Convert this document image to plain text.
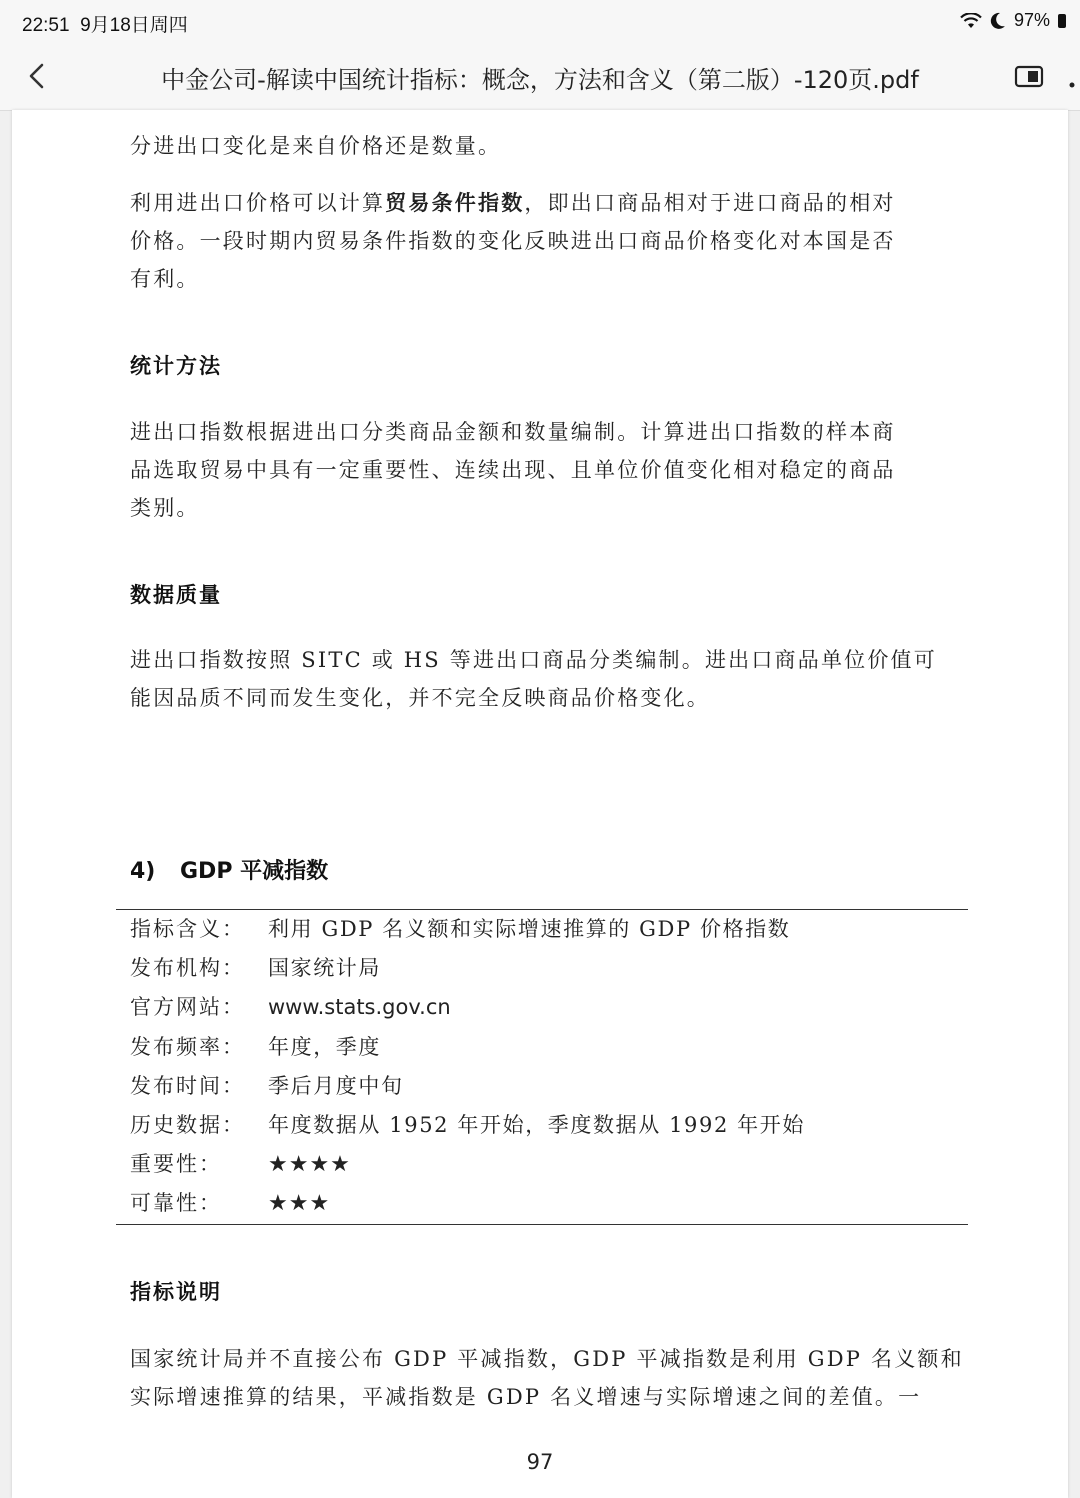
22:51 9月18日周四	97%
中金公司-解读中国统计指标：概念，方法和含义（第二版）-120页.pdf
分进出口变化是来自价格还是数量。
利用进出口价格可以计算贸易条件指数，即出口商品相对于进口商品的相对
价格。一段时期内贸易条件指数的变化反映进出口商品价格变化对本国是否
有利。
统计方法
进出口指数根据进出口分类商品金额和数量编制。计算进出口指数的样本商
品选取贸易中具有一定重要性、连续出现、且单位价值变化相对稳定的商品
类别。
数据质量
进出口指数按照 SITC 或 HS 等进出口商品分类编制。进出口商品单位价值可
能因品质不同而发生变化，并不完全反映商品价格变化。
4) GDP 平减指数
指标含义： 利用 GDP 名义额和实际增速推算的 GDP 价格指数
发布机构： 国家统计局
官方网站： www.stats.gov.cn
发布频率： 年度，季度
发布时间： 季后月度中旬
历史数据： 年度数据从 1952 年开始，季度数据从 1992 年开始
重要性： ★★★★
可靠性： ★★★
指标说明
国家统计局并不直接公布 GDP 平减指数，GDP 平减指数是利用 GDP 名义额和
实际增速推算的结果，平减指数是 GDP 名义增速与实际增速之间的差值。一
97
